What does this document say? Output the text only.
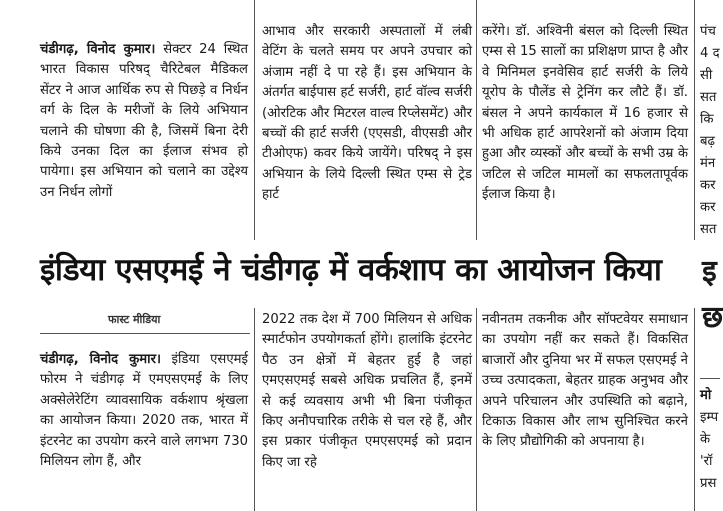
चंडीगढ़, विनोद कुमार। सेक्टर 24 स्थित भारत विकास परिषद् चैरिटेबल मैडिकल सेंटर ने आज आर्थिक रुप से पिछड़े व निर्धन वर्ग के दिल के मरीजों के लिये अभियान चलाने की घोषणा की है, जिसमें बिना देरी किये उनका दिल का ईलाज संभव हो पायेगा। इस अभियान को चलाने का उद्देश्य उन निर्धन लोगों

आभाव और सरकारी अस्पतालों में लंबी वेटिंग के चलते समय पर अपने उपचार को अंजाम नहीं दे पा रहे हैं। इस अभियान के अंतर्गत बाईपास हर्ट सर्जरी, हार्ट वॉल्व सर्जरी (ओरटिक और मिटरल वाल्व रिप्लेसमेंट) और बच्चों की हार्ट सर्जरी (एएसडी, वीएसडी और टीओएफ) कवर किये जायेंगे। परिषद् ने इस अभियान के लिये दिल्ली स्थित एम्स से ट्रेड हार्ट

करेंगे। डॉ. अश्विनी बंसल को दिल्ली स्थित एम्स से 15 सालों का प्रशिक्षण प्राप्त है और वे मिनिमल इनवेसिव हार्ट सर्जरी के लिये यूरोप के पौलेंड से ट्रेनिंग कर लौटे हैं। डॉ. बंसल ने अपने कार्यकाल में 16 हजार से भी अधिक हार्ट आपरेशनों को अंजाम दिया हुआ और व्यस्कों और बच्चों के सभी उम्र के जटिल से जटिल मामलों का सफलतापूर्वक ईलाज किया है।

पंच
4 द
सी
सत
कि
बढ़
मंन
कर
कर
सत
इंडिया एसएमई ने चंडीगढ़ में वर्कशाप का आयोजन किया इ
छ
फास्ट मीडिया

चंडीगढ़, विनोद कुमार। इंडिया एसएमई फोरम ने चंडीगढ़ में एमएसएमई के लिए अक्सेलेरेटिंग व्यावसायिक वर्कशाप श्रृंखला का आयोजन किया। 2020 तक, भारत में इंटरनेट का उपयोग करने वाले लगभग 730 मिलियन लोग हैं, और

2022 तक देश में 700 मिलियन से अधिक स्मार्टफोन उपयोगकर्ता होंगे। हालांकि इंटरनेट पैठ उन क्षेत्रों में बेहतर हुई है जहां एमएसएमई सबसे अधिक प्रचलित हैं, इनमें से कई व्यवसाय अभी भी बिना पंजीकृत किए अनौपचारिक तरीके से चल रहे हैं, और इस प्रकार पंजीकृत एमएसएमई को प्रदान किए जा रहे

नवीनतम तकनीक और सॉफ्टवेयर समाधान का उपयोग नहीं कर सकते हैं। विकसित बाजारों और दुनिया भर में सफल एसएमई ने उच्च उत्पादकता, बेहतर ग्राहक अनुभव और अपने परिचालन और उपस्थिति को बढ़ाने, टिकाऊ विकास और लाभ सुनिश्चित करने के लिए प्रौद्योगिकी को अपनाया है।

मो
इम्प
के
'रॉ
प्रस
